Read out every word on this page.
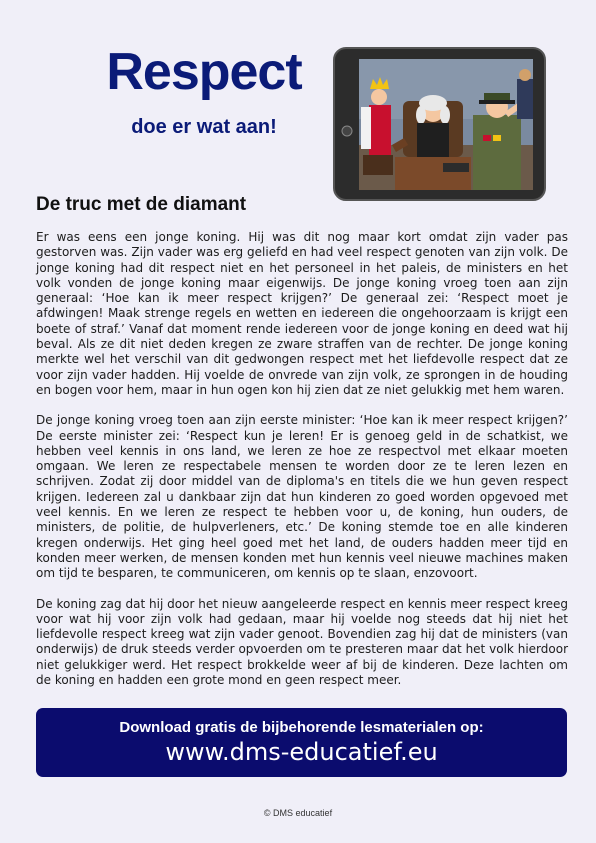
Respect
doe er wat aan!
De truc met de diamant

Er was eens een jonge koning. Hij was dit nog maar kort omdat zijn vader pas gestorven was. Zijn vader was erg geliefd en had veel respect genoten van zijn volk. De jonge koning had dit respect niet en het personeel in het paleis, de ministers en het volk vonden de jonge koning maar eigenwijs. De jonge koning vroeg toen aan zijn generaal: ‘Hoe kan ik meer respect krijgen?’ De generaal zei: ‘Respect moet je afdwingen! Maak strenge regels en wetten en iedereen die ongehoorzaam is krijgt een boete of straf.’ Vanaf dat moment rende iedereen voor de jonge koning en deed wat hij beval. Als ze dit niet deden kregen ze zware straffen van de rechter. De jonge koning merkte wel het verschil van dit gedwongen respect met het liefdevolle respect dat ze voor zijn vader hadden. Hij voelde de onvrede van zijn volk, ze sprongen in de houding en bogen voor hem, maar in hun ogen kon hij zien dat ze niet gelukkig met hem waren.

De jonge koning vroeg toen aan zijn eerste minister: ‘Hoe kan ik meer respect krijgen?’ De eerste minister zei: ‘Respect kun je leren! Er is genoeg geld in de schatkist, we hebben veel kennis in ons land, we leren ze hoe ze respectvol met elkaar moeten omgaan. We leren ze respectabele mensen te worden door ze te leren lezen en schrijven. Zodat zij door middel van de diploma's en titels die we hun geven respect krijgen. Iedereen zal u dankbaar zijn dat hun kinderen zo goed worden opgevoed met veel kennis. En we leren ze respect te hebben voor u, de koning, hun ouders, de ministers, de politie, de hulpverleners, etc.’ De koning stemde toe en alle kinderen kregen onderwijs. Het ging heel goed met het land, de ouders hadden meer tijd en konden meer werken, de mensen konden met hun kennis veel nieuwe machines maken om tijd te besparen, te communiceren, om kennis op te slaan, enzovoort.

De koning zag dat hij door het nieuw aangeleerde respect en kennis meer respect kreeg voor wat hij voor zijn volk had gedaan, maar hij voelde nog steeds dat hij niet het liefdevolle respect kreeg wat zijn vader genoot. Bovendien zag hij dat de ministers (van onderwijs) de druk steeds verder opvoerden om te presteren maar dat het volk hierdoor niet gelukkiger werd. Het respect brokkelde weer af bij de kinderen. Deze lachten om de koning en hadden een grote mond en geen respect meer.

Download gratis de bijbehorende lesmaterialen op:
www.dms-educatief.eu
© DMS educatief
